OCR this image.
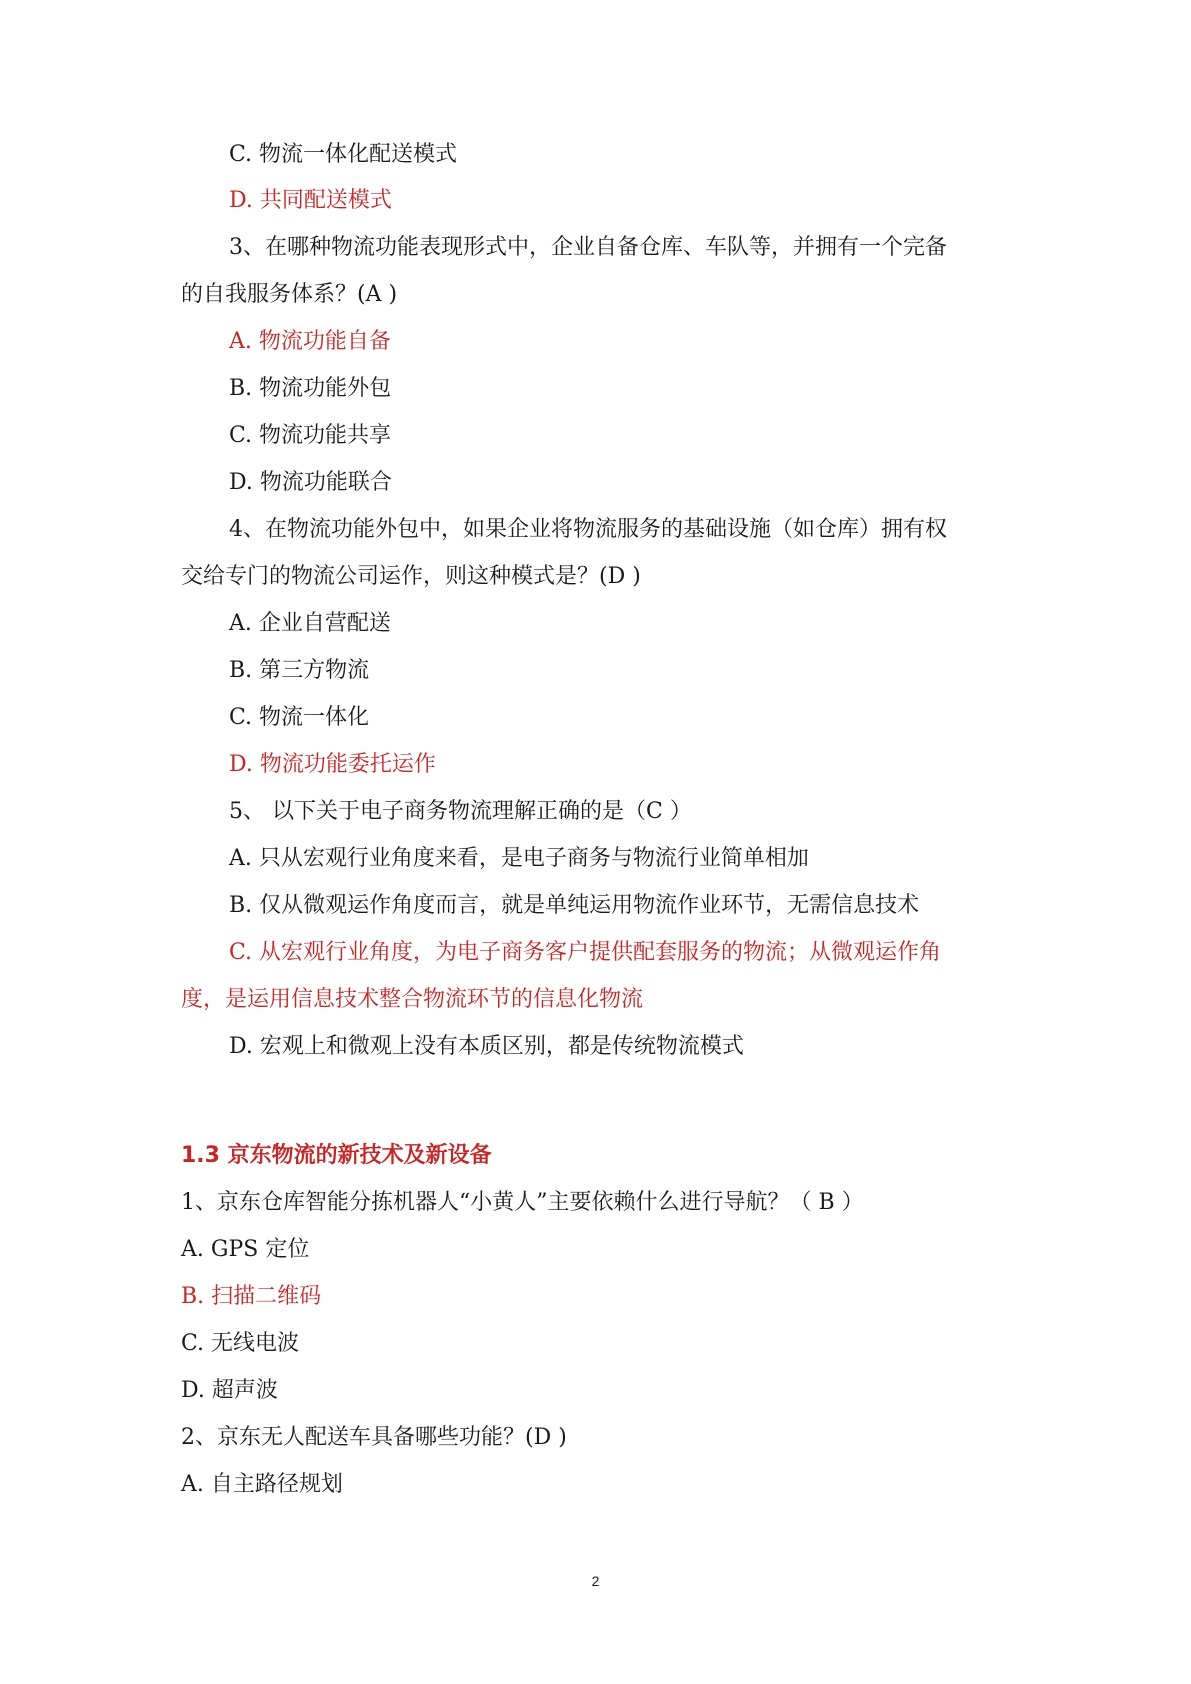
C. 物流一体化配送模式
D. 共同配送模式
3、在哪种物流功能表现形式中，企业自备仓库、车队等，并拥有一个完备
的自我服务体系？(A )
A. 物流功能自备
B. 物流功能外包
C. 物流功能共享
D. 物流功能联合
4、在物流功能外包中，如果企业将物流服务的基础设施（如仓库）拥有权
交给专门的物流公司运作，则这种模式是？(D )
A. 企业自营配送
B. 第三方物流
C. 物流一体化
D. 物流功能委托运作
5、 以下关于电子商务物流理解正确的是（C ）
A. 只从宏观行业角度来看，是电子商务与物流行业简单相加
B. 仅从微观运作角度而言，就是单纯运用物流作业环节，无需信息技术
C. 从宏观行业角度，为电子商务客户提供配套服务的物流；从微观运作角
度，是运用信息技术整合物流环节的信息化物流
D. 宏观上和微观上没有本质区别，都是传统物流模式
1.3 京东物流的新技术及新设备
1、京东仓库智能分拣机器人“小黄人”主要依赖什么进行导航？（ B ）
A. GPS 定位
B. 扫描二维码
C. 无线电波
D. 超声波
2、京东无人配送车具备哪些功能？(D )
A. 自主路径规划
2
